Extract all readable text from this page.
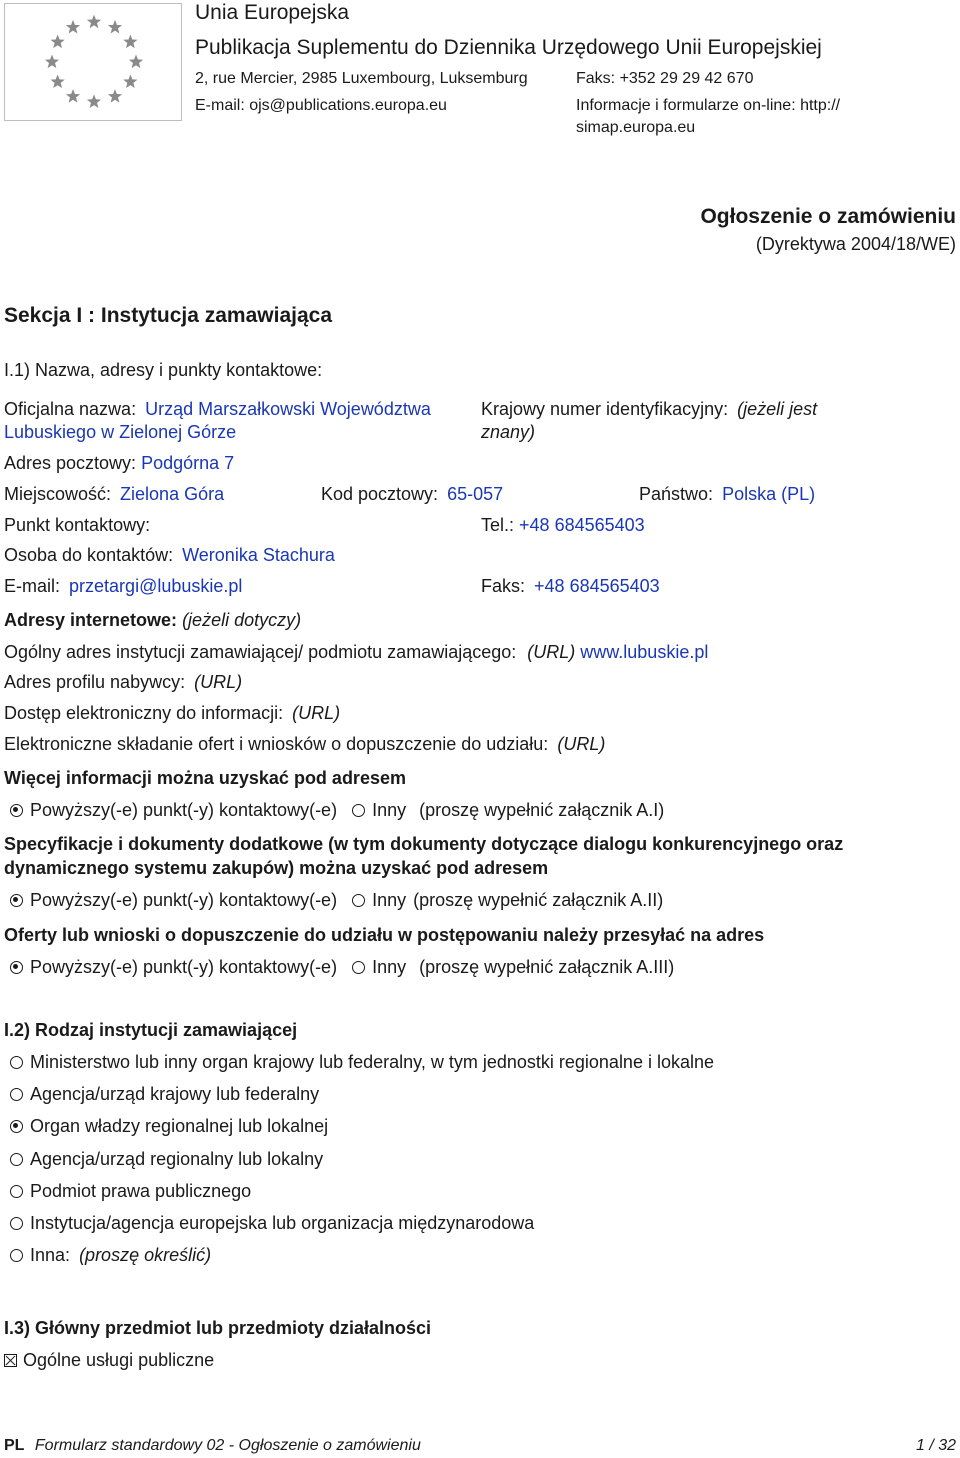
Unia Europejska
Publikacja Suplementu do Dziennika Urzędowego Unii Europejskiej
2, rue Mercier, 2985 Luxembourg, Luksemburg	Faks: +352 29 29 42 670
E-mail: ojs@publications.europa.eu	Informacje i formularze on-line: http://
simap.europa.eu
Ogłoszenie o zamówieniu
(Dyrektywa 2004/18/WE)
Sekcja I : Instytucja zamawiająca
I.1) Nazwa, adresy i punkty kontaktowe:
Oficjalna nazwa: Urząd Marszałkowski Województwa
Lubuskiego w Zielonej Górze
Krajowy numer identyfikacyjny: (jeżeli jest
znany)
Adres pocztowy: Podgórna 7
Miejscowość: Zielona Góra	Kod pocztowy: 65-057	Państwo: Polska (PL)
Punkt kontaktowy:	Tel.: +48 684565403
Osoba do kontaktów: Weronika Stachura
E-mail: przetargi@lubuskie.pl	Faks: +48 684565403
Adresy internetowe: (jeżeli dotyczy)
Ogólny adres instytucji zamawiającej/ podmiotu zamawiającego: (URL) www.lubuskie.pl
Adres profilu nabywcy: (URL)
Dostęp elektroniczny do informacji: (URL)
Elektroniczne składanie ofert i wniosków o dopuszczenie do udziału: (URL)
Więcej informacji można uzyskać pod adresem
Powyższy(-e) punkt(-y) kontaktowy(-e) Inny (proszę wypełnić załącznik A.I)
Specyfikacje i dokumenty dodatkowe (w tym dokumenty dotyczące dialogu konkurencyjnego oraz
dynamicznego systemu zakupów) można uzyskać pod adresem
Powyższy(-e) punkt(-y) kontaktowy(-e) Inny (proszę wypełnić załącznik A.II)
Oferty lub wnioski o dopuszczenie do udziału w postępowaniu należy przesyłać na adres
Powyższy(-e) punkt(-y) kontaktowy(-e) Inny (proszę wypełnić załącznik A.III)
I.2) Rodzaj instytucji zamawiającej
Ministerstwo lub inny organ krajowy lub federalny, w tym jednostki regionalne i lokalne
Agencja/urząd krajowy lub federalny
Organ władzy regionalnej lub lokalnej
Agencja/urząd regionalny lub lokalny
Podmiot prawa publicznego
Instytucja/agencja europejska lub organizacja międzynarodowa
Inna: (proszę określić)
I.3) Główny przedmiot lub przedmioty działalności
Ogólne usługi publiczne
PL Formularz standardowy 02 - Ogłoszenie o zamówieniu	1 / 32
